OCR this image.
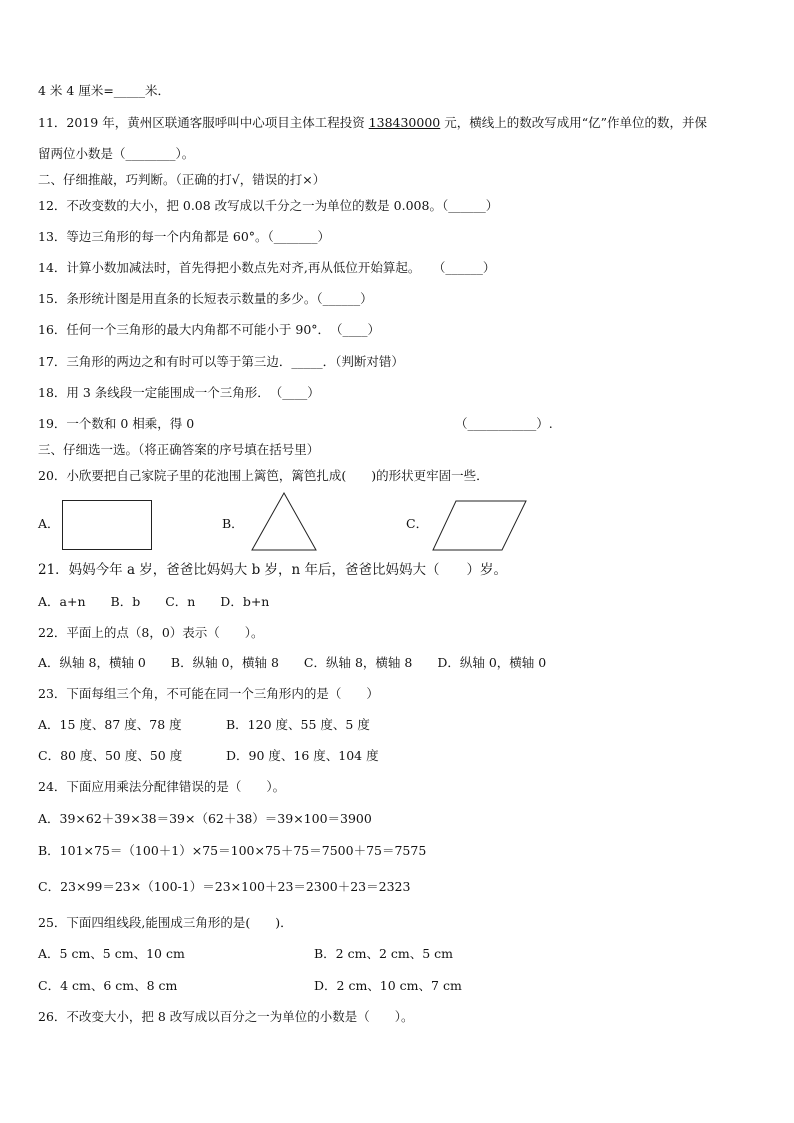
4 米 4 厘米=_____米．
11．2019 年，黄州区联通客服呼叫中心项目主体工程投资 138430000 元，横线上的数改写成用“亿”作单位的数，并保
留两位小数是（________）。
二、仔细推敲，巧判断。（正确的打√，错误的打×）
12．不改变数的大小，把 0.08 改写成以千分之一为单位的数是 0.008。（______）
13．等边三角形的每一个内角都是 60°。（_______）
14．计算小数加减法时，首先得把小数点先对齐,再从低位开始算起。　　（______）
15．条形统计图是用直条的长短表示数量的多少。（______）
16．任何一个三角形的最大内角都不可能小于 90°．　（____）
17．三角形的两边之和有时可以等于第三边．_____．（判断对错）
18．用 3 条线段一定能围成一个三角形．　（____）
19．一个数和 0 相乘，得 0	（___________）.
三、仔细选一选。（将正确答案的序号填在括号里）
20．小欣要把自己家院子里的花池围上篱笆，篱笆扎成(　　)的形状更牢固一些．
A．	B．	C．
21．妈妈今年 a 岁，爸爸比妈妈大 b 岁，n 年后，爸爸比妈妈大（　　）岁。
A．a+n　　B．b　　C．n　　D．b+n
22．平面上的点（8，0）表示（　　）。
A．纵轴 8，横轴 0　　B．纵轴 0，横轴 8　　C．纵轴 8，横轴 8　　D．纵轴 0，横轴 0
23．下面每组三个角，不可能在同一个三角形内的是（　　）
A．15 度、87 度、78 度	B．120 度、55 度、5 度
C．80 度、50 度、50 度	D．90 度、16 度、104 度
24．下面应用乘法分配律错误的是（　　）。
A．39×62＋39×38＝39×（62＋38）＝39×100＝3900
B．101×75＝（100＋1）×75＝100×75＋75＝7500＋75＝7575
C．23×99＝23×（100-1）＝23×100＋23＝2300＋23＝2323
25．下面四组线段,能围成三角形的是(　　)．
A．5 cm、5 cm、10 cm	B．2 cm、2 cm、5 cm
C．4 cm、6 cm、8 cm	D．2 cm、10 cm、7 cm
26．不改变大小，把 8 改写成以百分之一为单位的小数是（　　）。
